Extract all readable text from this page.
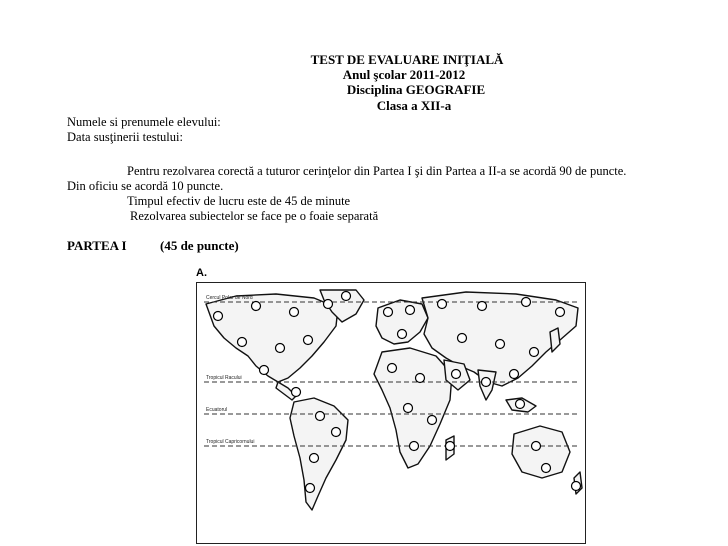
TEST DE EVALUARE INIŢIALĂ
Anul şcolar 2011-2012
Disciplina GEOGRAFIE
Clasa a XII-a
Numele si prenumele elevului:
Data susţinerii testului:
Pentru rezolvarea corectă a tuturor cerinţelor din Partea I şi din Partea a II-a se acordă 90 de puncte.
Din oficiu se acordă 10 puncte.
Timpul efectiv de lucru este de 45 de minute
Rezolvarea subiectelor se face pe o foaie separată
PARTEA I	(45 de puncte)
A.
Cercul Polar de Nord
Tropicul Racului
Ecuatorul
Tropicul Capricornului
